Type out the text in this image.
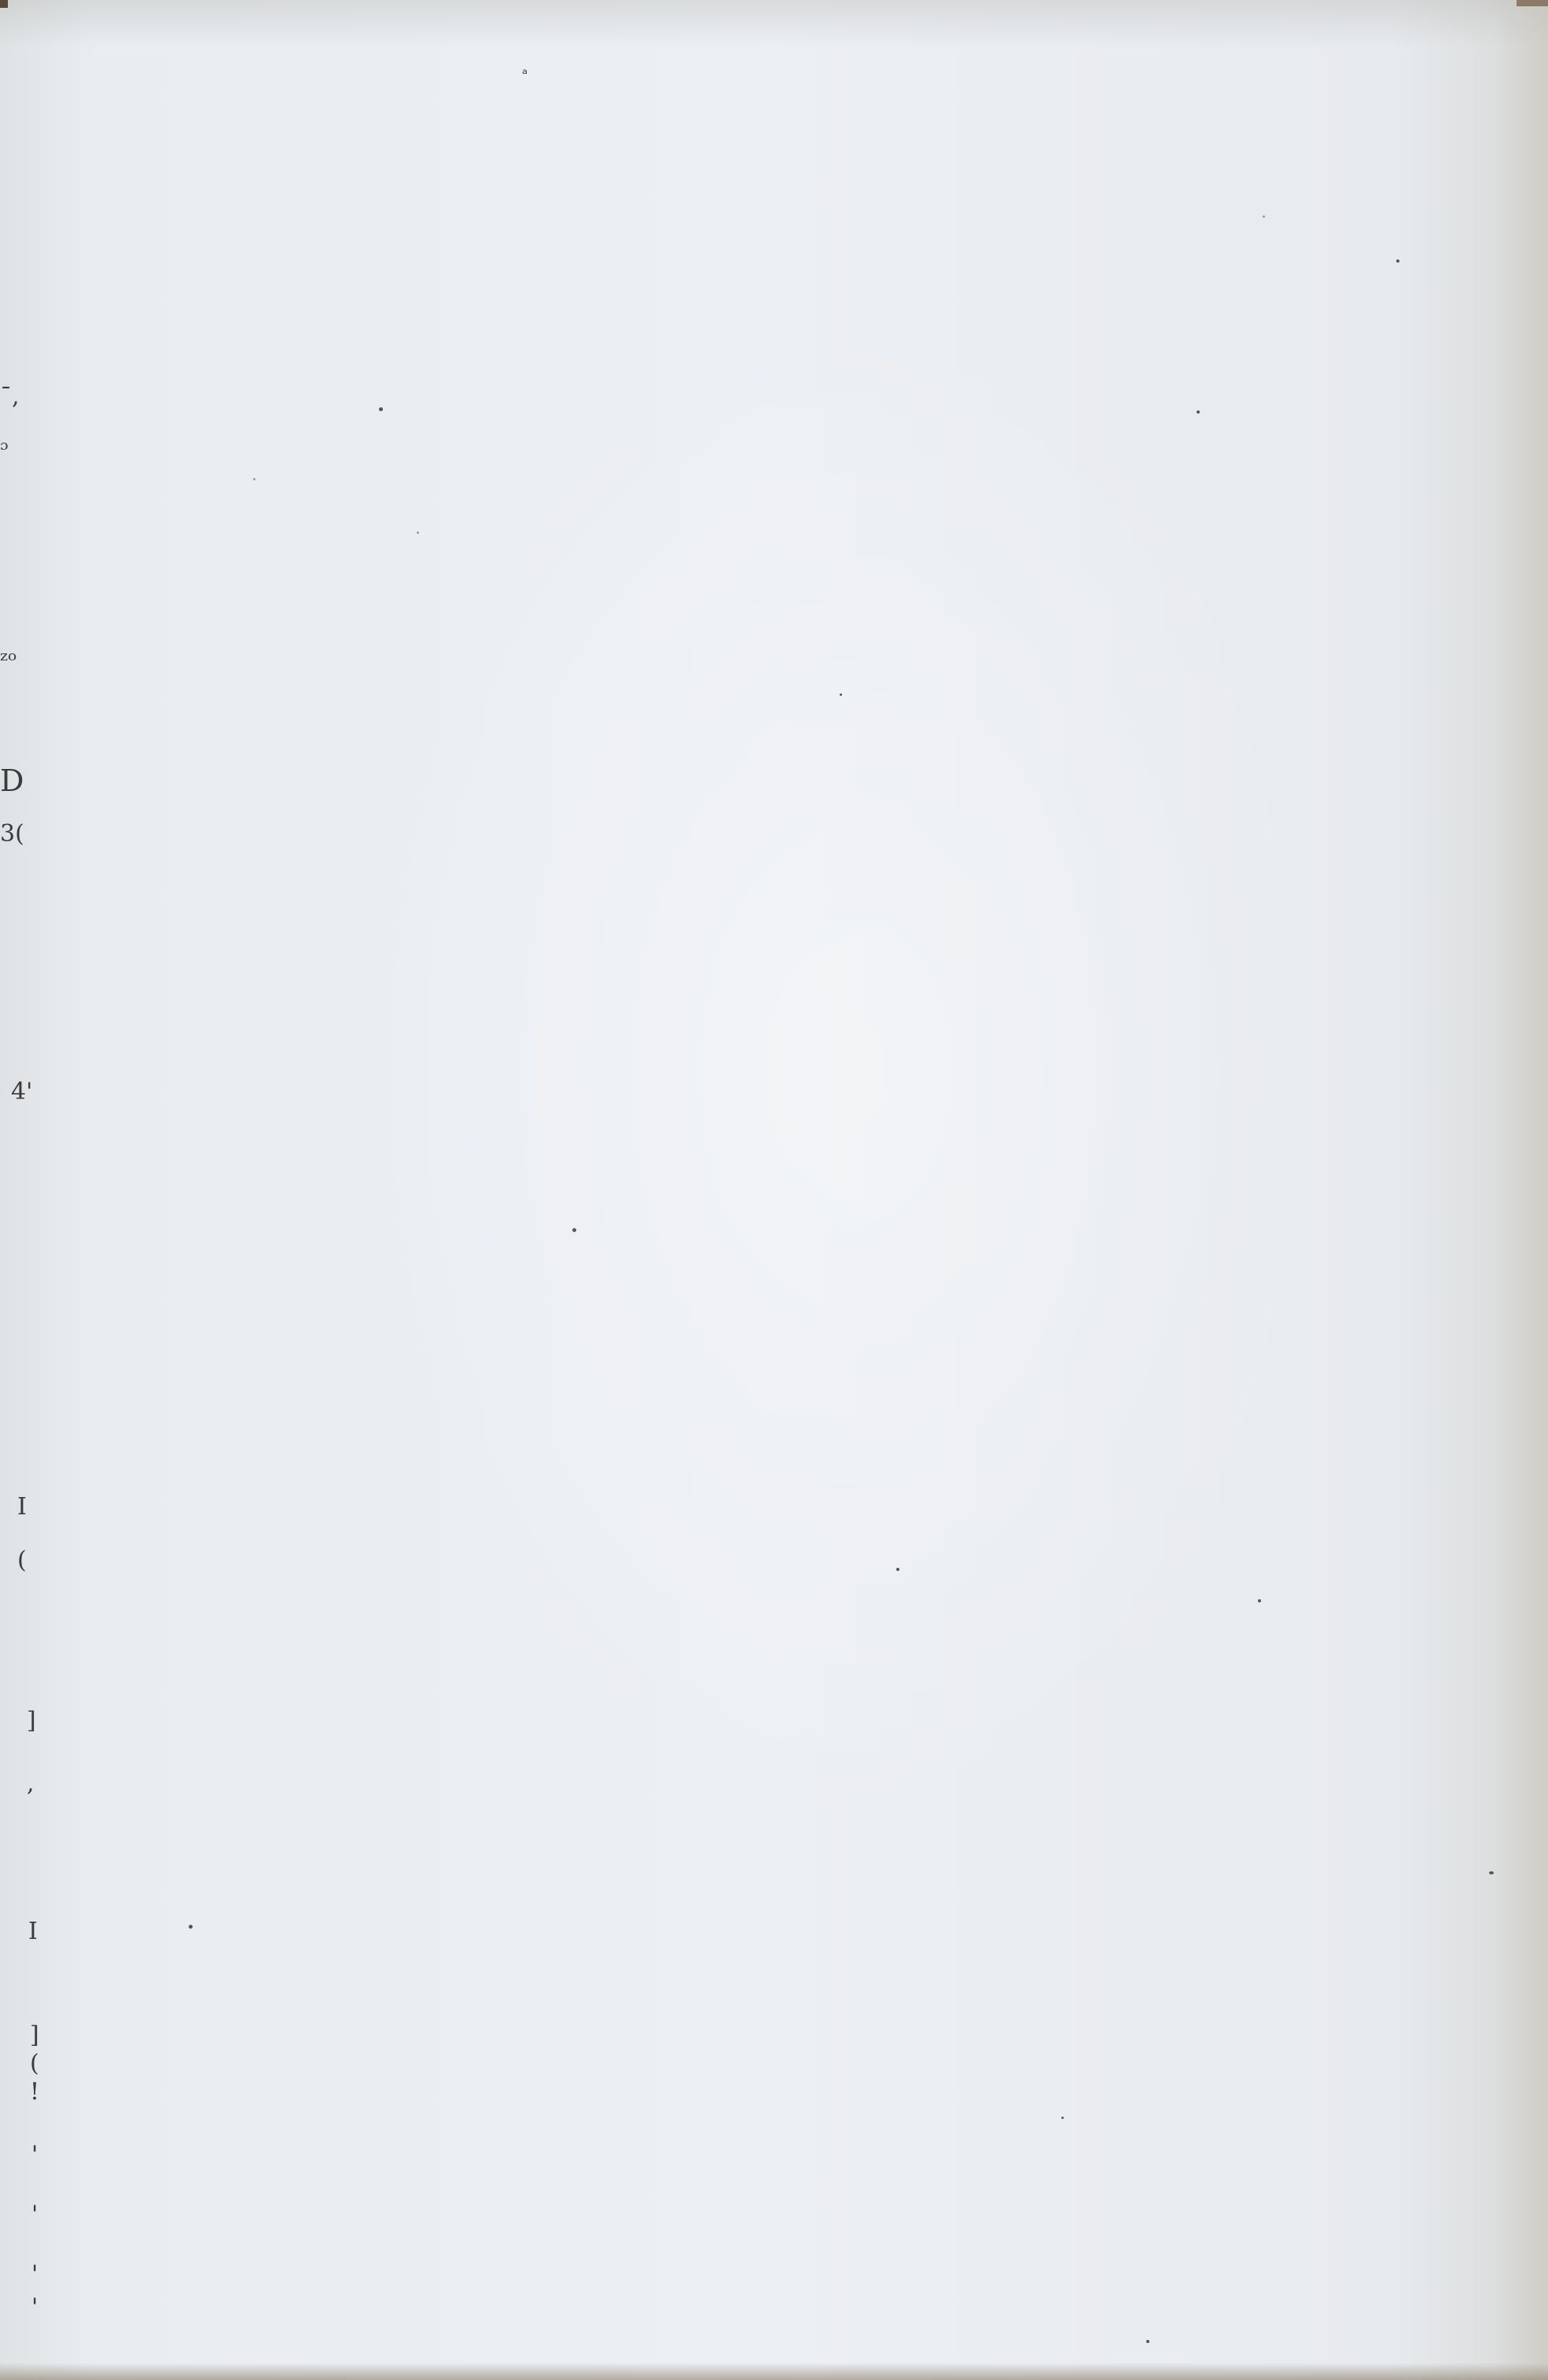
ᵃ
ˉ,
ᵓ
ᶻᵒ
D
3(
4'
I
(
]
,
I
]
(
!
'
'
'
'
